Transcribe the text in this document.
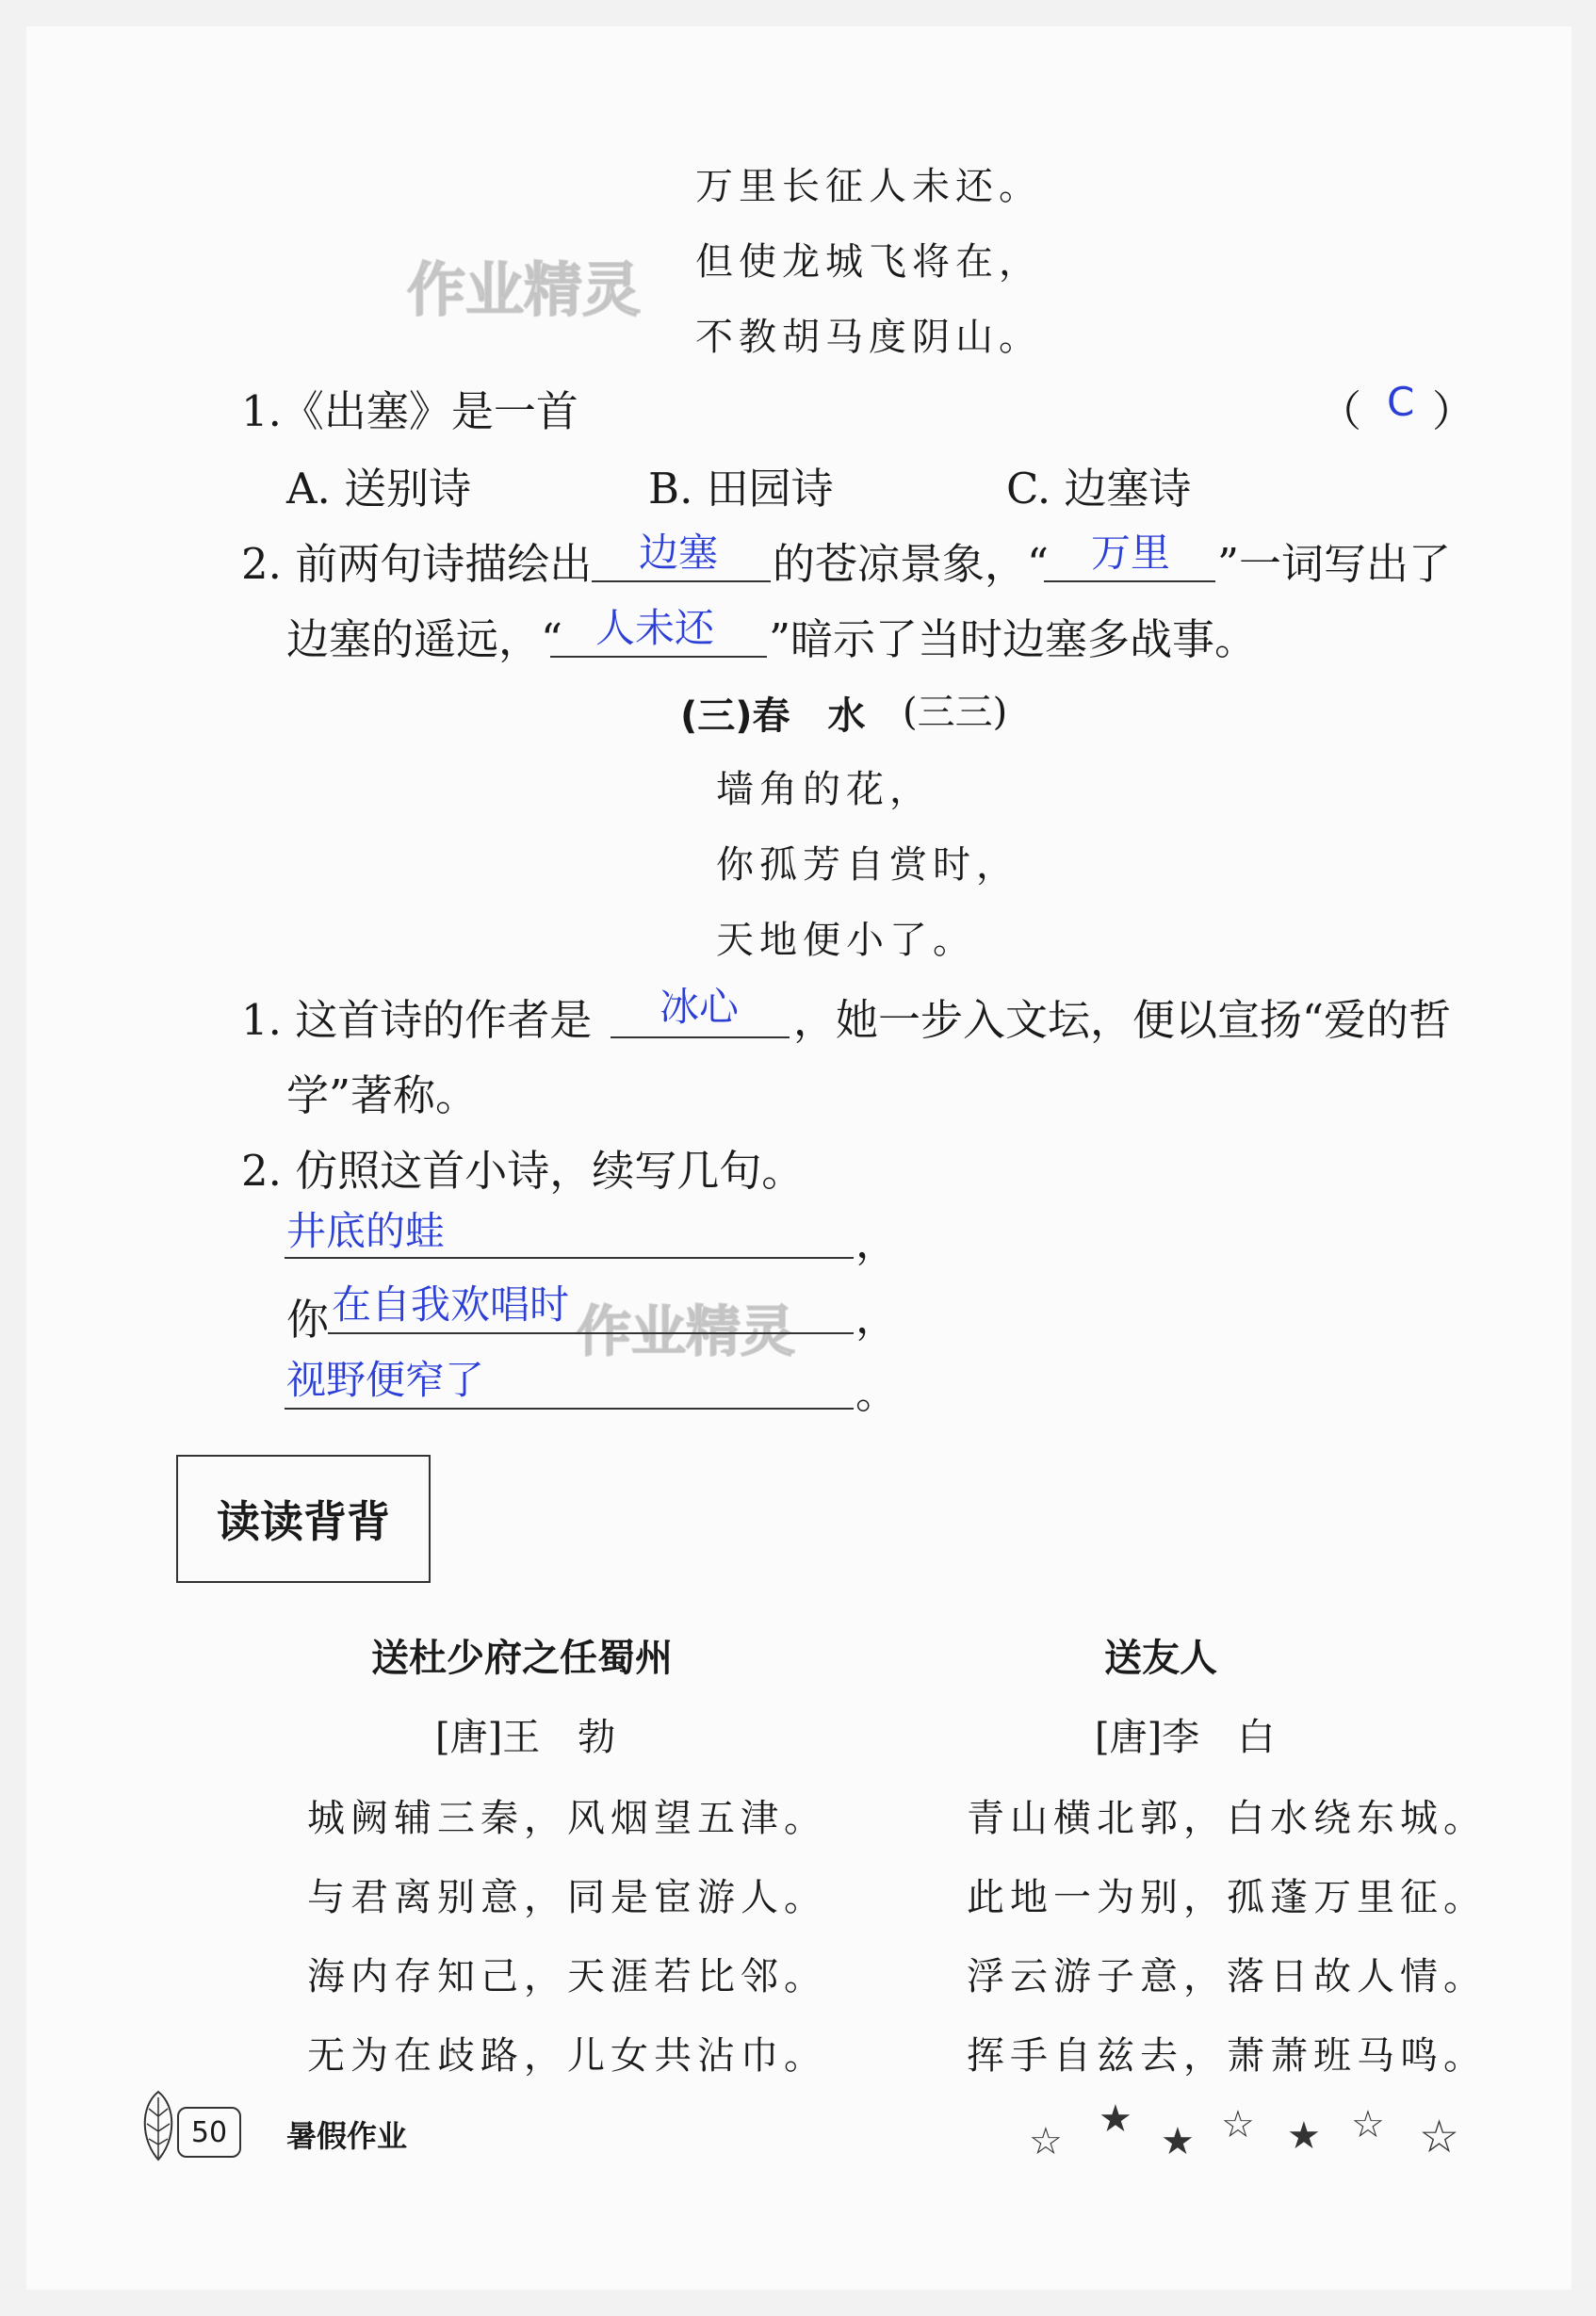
作业精灵
作业精灵
万里长征人未还。
但使龙城飞将在，
不教胡马度阴山。
1.《出塞》是一首	（ C ）
A. 送别诗	B. 田园诗	C. 边塞诗
2. 前两句诗描绘出 边塞 的苍凉景象，“ 万里 ”一词写出了
边塞的遥远，“ 人未还 ”暗示了当时边塞多战事。
(三)春　水 (三三)
墙角的花，
你孤芳自赏时，
天地便小了。
1. 这首诗的作者是 冰心 ，她一步入文坛，便以宣扬“爱的哲
学”著称。
2. 仿照这首小诗，续写几句。
井底的蛙	，
你 在自我欢唱时	，
视野便窄了	。
读读背背
送杜少府之任蜀州
[唐]王　勃
城阙辅三秦，风烟望五津。
与君离别意，同是宦游人。
海内存知己，天涯若比邻。
无为在歧路，儿女共沾巾。
送友人
[唐]李　白
青山横北郭，白水绕东城。
此地一为别，孤蓬万里征。
浮云游子意，落日故人情。
挥手自兹去，萧萧班马鸣。
50	暑假作业	☆
★
★ ☆ ★ ☆ ☆
